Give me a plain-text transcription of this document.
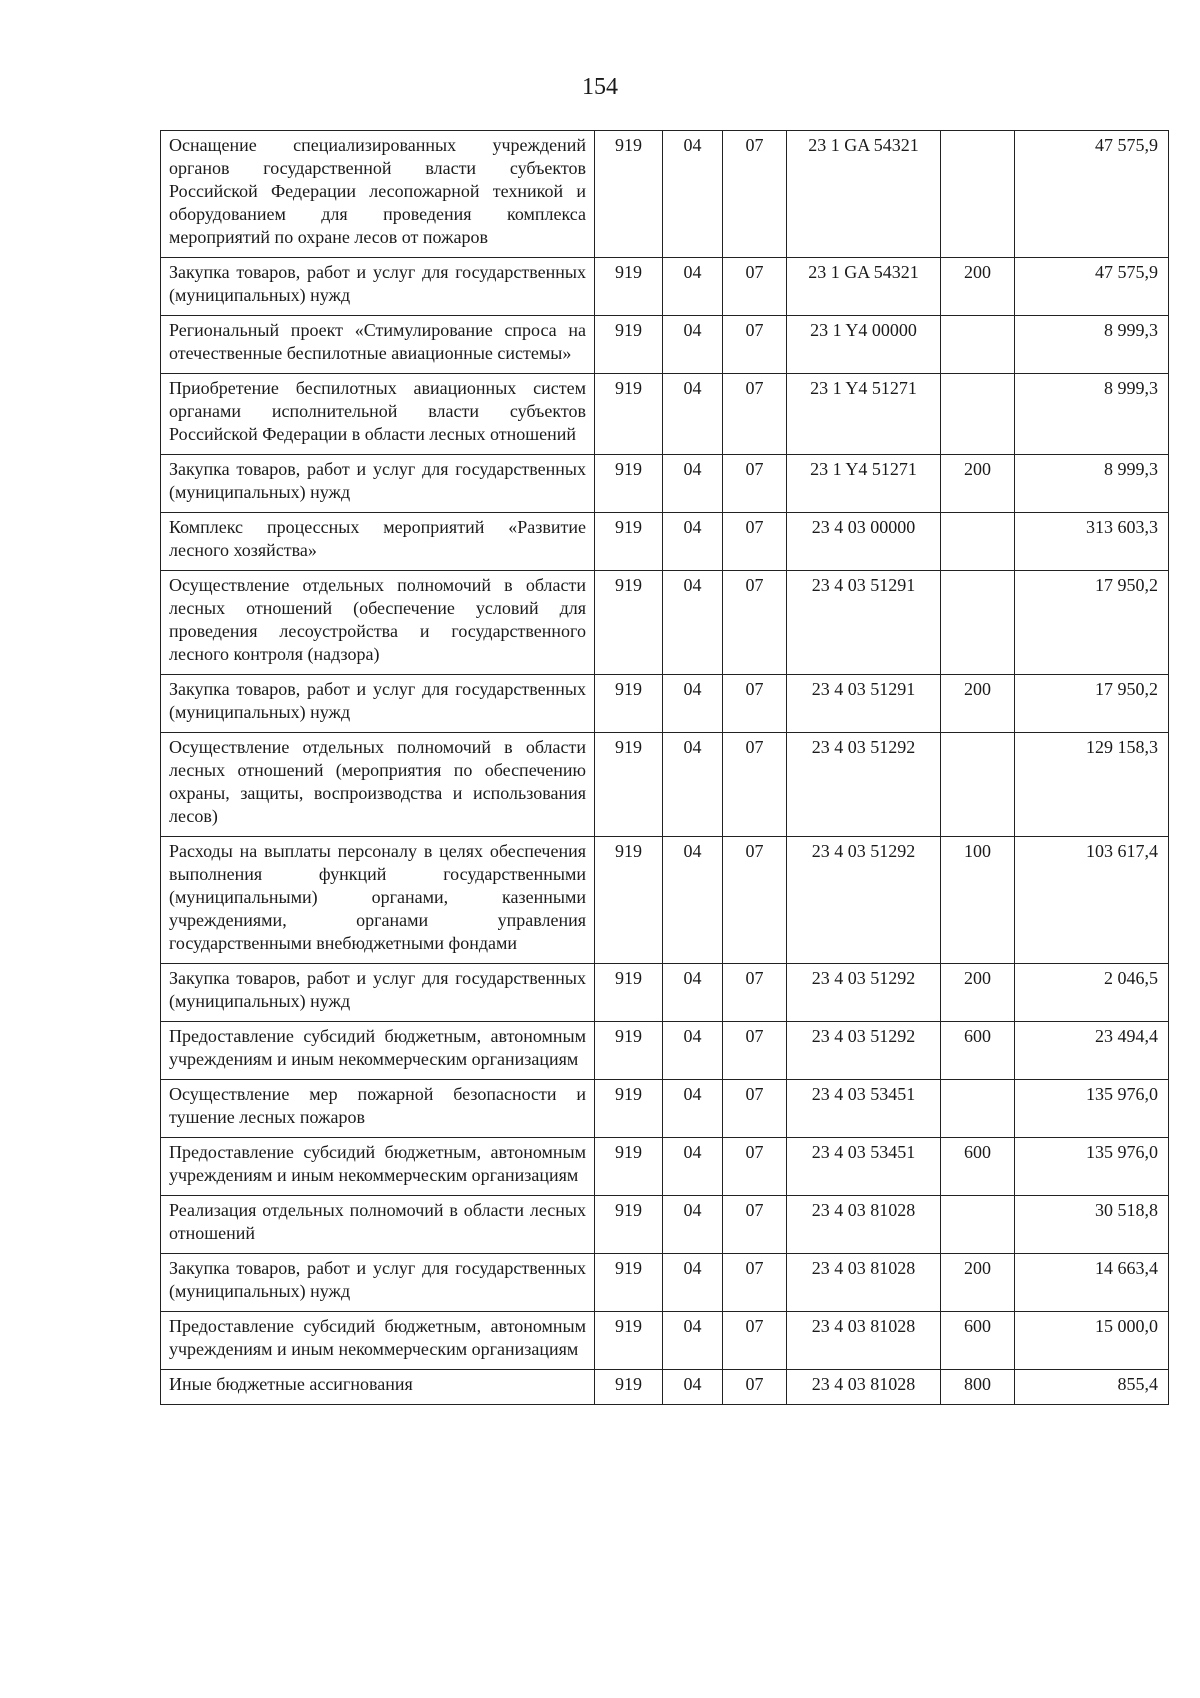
154
Оснащение специализированных учреждений органов государственной власти субъектов Российской Федерации лесопожарной техникой и оборудованием для проведения комплекса мероприятий по охране лесов от пожаров	919	04	07	23 1 GA 54321		47 575,9
Закупка товаров, работ и услуг для государственных (муниципальных) нужд	919	04	07	23 1 GA 54321	200	47 575,9
Региональный проект «Стимулирование спроса на отечественные беспилотные авиационные системы»	919	04	07	23 1 Y4 00000		8 999,3
Приобретение беспилотных авиационных систем органами исполнительной власти субъектов Российской Федерации в области лесных отношений	919	04	07	23 1 Y4 51271		8 999,3
Закупка товаров, работ и услуг для государственных (муниципальных) нужд	919	04	07	23 1 Y4 51271	200	8 999,3
Комплекс процессных мероприятий «Развитие лесного хозяйства»	919	04	07	23 4 03 00000		313 603,3
Осуществление отдельных полномочий в области лесных отношений (обеспечение условий для проведения лесоустройства и государственного лесного контроля (надзора)	919	04	07	23 4 03 51291		17 950,2
Закупка товаров, работ и услуг для государственных (муниципальных) нужд	919	04	07	23 4 03 51291	200	17 950,2
Осуществление отдельных полномочий в области лесных отношений (мероприятия по обеспечению охраны, защиты, воспроизводства и использования лесов)	919	04	07	23 4 03 51292		129 158,3
Расходы на выплаты персоналу в целях обеспечения выполнения функций государственными (муниципальными) органами, казенными учреждениями, органами управления государственными внебюджетными фондами	919	04	07	23 4 03 51292	100	103 617,4
Закупка товаров, работ и услуг для государственных (муниципальных) нужд	919	04	07	23 4 03 51292	200	2 046,5
Предоставление субсидий бюджетным, автономным учреждениям и иным некоммерческим организациям	919	04	07	23 4 03 51292	600	23 494,4
Осуществление мер пожарной безопасности и тушение лесных пожаров	919	04	07	23 4 03 53451		135 976,0
Предоставление субсидий бюджетным, автономным учреждениям и иным некоммерческим организациям	919	04	07	23 4 03 53451	600	135 976,0
Реализация отдельных полномочий в области лесных отношений	919	04	07	23 4 03 81028		30 518,8
Закупка товаров, работ и услуг для государственных (муниципальных) нужд	919	04	07	23 4 03 81028	200	14 663,4
Предоставление субсидий бюджетным, автономным учреждениям и иным некоммерческим организациям	919	04	07	23 4 03 81028	600	15 000,0
Иные бюджетные ассигнования	919	04	07	23 4 03 81028	800	855,4
